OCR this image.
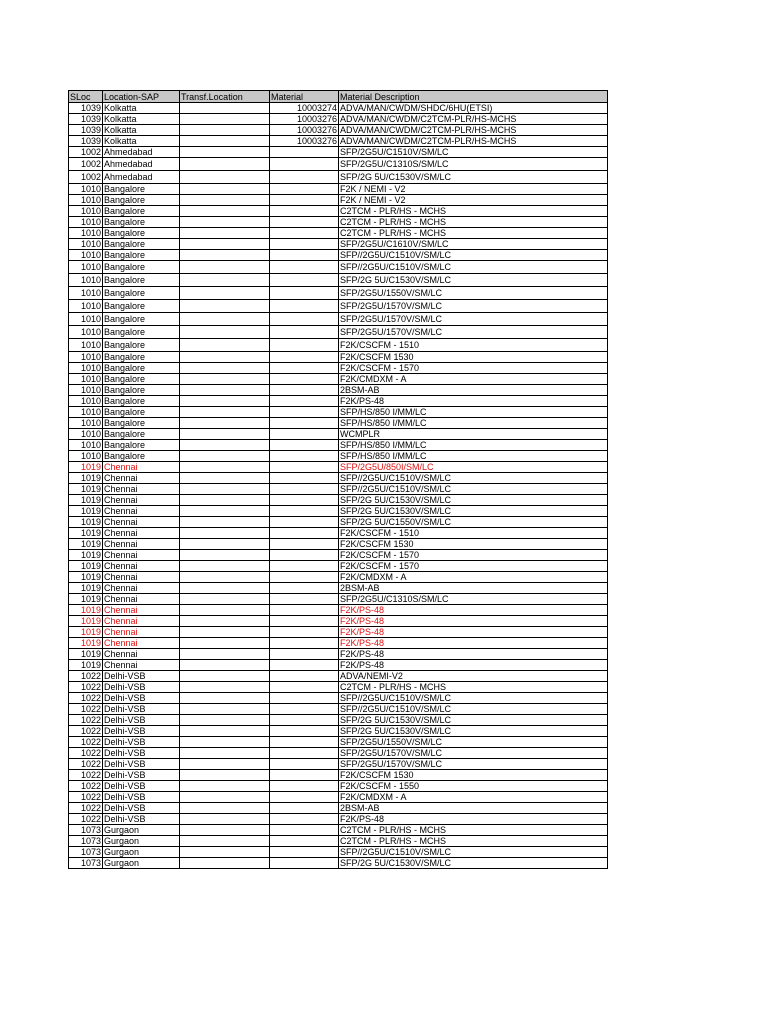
SLoc	Location-SAP	Transf.Location	Material	Material Description
1039	Kolkatta		10003274	ADVA/MAN/CWDM/SHDC/6HU(ETSI)
1039	Kolkatta		10003276	ADVA/MAN/CWDM/C2TCM-PLR/HS-MCHS
1039	Kolkatta		10003276	ADVA/MAN/CWDM/C2TCM-PLR/HS-MCHS
1039	Kolkatta		10003276	ADVA/MAN/CWDM/C2TCM-PLR/HS-MCHS
1002	Ahmedabad			SFP/2G5U/C1510V/SM/LC
1002	Ahmedabad			SFP/2G5U/C1310S/SM/LC
1002	Ahmedabad			SFP/2G 5U/C1530V/SM/LC
1010	Bangalore			F2K / NEMI - V2
1010	Bangalore			F2K / NEMI - V2
1010	Bangalore			C2TCM - PLR/HS - MCHS
1010	Bangalore			C2TCM - PLR/HS - MCHS
1010	Bangalore			C2TCM - PLR/HS - MCHS
1010	Bangalore			SFP/2G5U/C1610V/SM/LC
1010	Bangalore			SFP//2G5U/C1510V/SM/LC
1010	Bangalore			SFP//2G5U/C1510V/SM/LC
1010	Bangalore			SFP/2G 5U/C1530V/SM/LC
1010	Bangalore			SFP/2G5U/1550V/SM/LC
1010	Bangalore			SFP/2G5U/1570V/SM/LC
1010	Bangalore			SFP/2G5U/1570V/SM/LC
1010	Bangalore			SFP/2G5U/1570V/SM/LC
1010	Bangalore			F2K/CSCFM - 1510
1010	Bangalore			F2K/CSCFM 1530
1010	Bangalore			F2K/CSCFM - 1570
1010	Bangalore			F2K/CMDXM - A
1010	Bangalore			2BSM-AB
1010	Bangalore			F2K/PS-48
1010	Bangalore			SFP/HS/850 I/MM/LC
1010	Bangalore			SFP/HS/850 I/MM/LC
1010	Bangalore			WCMPLR
1010	Bangalore			SFP/HS/850 I/MM/LC
1010	Bangalore			SFP/HS/850 I/MM/LC
1019	Chennai			SFP/2G5U/850I/SM/LC
1019	Chennai			SFP//2G5U/C1510V/SM/LC
1019	Chennai			SFP//2G5U/C1510V/SM/LC
1019	Chennai			SFP/2G 5U/C1530V/SM/LC
1019	Chennai			SFP/2G 5U/C1530V/SM/LC
1019	Chennai			SFP/2G 5U/C1550V/SM/LC
1019	Chennai			F2K/CSCFM - 1510
1019	Chennai			F2K/CSCFM 1530
1019	Chennai			F2K/CSCFM - 1570
1019	Chennai			F2K/CSCFM - 1570
1019	Chennai			F2K/CMDXM - A
1019	Chennai			2BSM-AB
1019	Chennai			SFP/2G5U/C1310S/SM/LC
1019	Chennai			F2K/PS-48
1019	Chennai			F2K/PS-48
1019	Chennai			F2K/PS-48
1019	Chennai			F2K/PS-48
1019	Chennai			F2K/PS-48
1019	Chennai			F2K/PS-48
1022	Delhi-VSB			ADVA/NEMI-V2
1022	Delhi-VSB			C2TCM - PLR/HS - MCHS
1022	Delhi-VSB			SFP//2G5U/C1510V/SM/LC
1022	Delhi-VSB			SFP//2G5U/C1510V/SM/LC
1022	Delhi-VSB			SFP/2G 5U/C1530V/SM/LC
1022	Delhi-VSB			SFP/2G 5U/C1530V/SM/LC
1022	Delhi-VSB			SFP/2G5U/1550V/SM/LC
1022	Delhi-VSB			SFP/2G5U/1570V/SM/LC
1022	Delhi-VSB			SFP/2G5U/1570V/SM/LC
1022	Delhi-VSB			F2K/CSCFM 1530
1022	Delhi-VSB			F2K/CSCFM - 1550
1022	Delhi-VSB			F2K/CMDXM - A
1022	Delhi-VSB			2BSM-AB
1022	Delhi-VSB			F2K/PS-48
1073	Gurgaon			C2TCM - PLR/HS - MCHS
1073	Gurgaon			C2TCM - PLR/HS - MCHS
1073	Gurgaon			SFP//2G5U/C1510V/SM/LC
1073	Gurgaon			SFP/2G 5U/C1530V/SM/LC
